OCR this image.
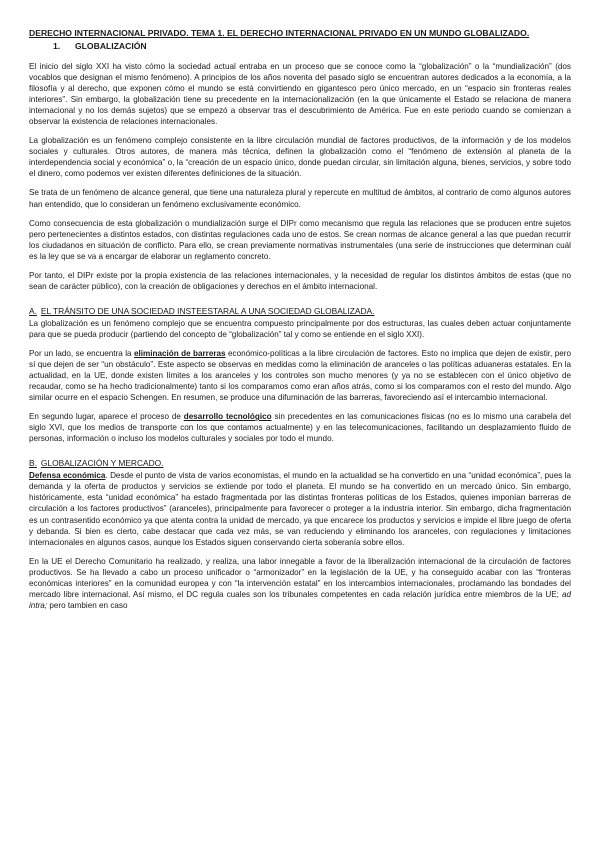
DERECHO INTERNACIONAL PRIVADO. TEMA 1. EL DERECHO INTERNACIONAL PRIVADO EN UN MUNDO GLOBALIZADO.
1. GLOBALIZACIÓN

El inicio del siglo XXI ha visto cómo la sociedad actual entraba en un proceso que se conoce como la “globalización” o la “mundialización” (dos vocablos que designan el mismo fenómeno). A principios de los años noventa del pasado siglo se encuentran autores dedicados a la economía, a la filosofía y al derecho, que exponen cómo el mundo se está convirtiendo en gigantesco pero único mercado, en un “espacio sin fronteras reales interiores”. Sin embargo, la globalización tiene su precedente en la internacionalización (en la que únicamente el Estado se relaciona de manera internacional y no los demás sujetos) que se empezó a observar tras el descubrimiento de América. Fue en este periodo cuando se comienzan a observar la existencia de relaciones internacionales.

La globalización es un fenómeno complejo consistente en la libre circulación mundial de factores productivos, de la información y de los modelos sociales y culturales. Otros autores, de manera más técnica, definen la globalización como el “fenómeno de extensión al planeta de la interdependencia social y económica” o, la “creación de un espacio único, donde puedan circular, sin limitación alguna, bienes, servicios, y sobre todo el dinero, como podemos ver existen diferentes definiciones de la situación.

Se trata de un fenómeno de alcance general, que tiene una naturaleza plural y repercute en multitud de ámbitos, al contrario de como algunos autores han entendido, que lo consideran un fenómeno exclusivamente económico.

Como consecuencia de esta globalización o mundialización surge el DIPr como mecanismo que regula las relaciones que se producen entre sujetos pero pertenecientes a distintos estados, con distintas regulaciones cada uno de estos. Se crean normas de alcance general a las que puedan recurrir los ciudadanos en situación de conflicto. Para ello, se crean previamente normativas instrumentales (una serie de instrucciones que determinan cuál es la ley que se va a encargar de elaborar un reglamento concreto.

Por tanto, el DIPr existe por la propia existencia de las relaciones internacionales, y la necesidad de regular los distintos ámbitos de estas (que no sean de carácter público), con la creación de obligaciones y derechos en el ámbito internacional.

A. EL TRÁNSITO DE UNA SOCIEDAD INSTEESTARAL A UNA SOCIEDAD GLOBALIZADA.

La globalización es un fenómeno complejo que se encuentra compuesto principalmente por dos estructuras, las cuales deben actuar conjuntamente para que se pueda producir (partiendo del concepto de “globalización” tal y como se entiende en el siglo XXI).

Por un lado, se encuentra la eliminación de barreras económico-políticas a la libre circulación de factores. Esto no implica que dejen de existir, pero sí que dejen de ser “un obstáculo”. Este aspecto se observas en medidas como la eliminación de aranceles o las políticas aduaneras estatales. En la actualidad, en la UE, donde existen límites a los aranceles y los controles son mucho menores (y ya no se establecen con el único objetivo de recaudar, como se ha hecho tradicionalmente) tanto si los comparamos como eran años atrás, como si los comparamos con el resto del mundo. Algo similar ocurre en el espacio Schengen. En resumen, se produce una difuminación de las barreras, favoreciendo así el intercambio internacional.

En segundo lugar, aparece el proceso de desarrollo tecnológico sin precedentes en las comunicaciones físicas (no es lo mismo una carabela del siglo XVI, que los medios de transporte con los que contamos actualmente) y en las telecomunicaciones, facilitando un desplazamiento fluido de personas, información o incluso los modelos culturales y sociales por todo el mundo.

B. GLOBALIZACIÓN Y MERCADO.

Defensa económica. Desde el punto de vista de varios economistas, el mundo en la actualidad se ha convertido en una “unidad económica”, pues la demanda y la oferta de productos y servicios se extiende por todo el planeta. El mundo se ha convertido en un mercado único. Sin embargo, históricamente, esta “unidad económica” ha estado fragmentada por las distintas fronteras políticas de los Estados, quienes imponían barreras de circulación a los factores productivos” (aranceles), principalmente para favorecer o proteger a la industria interior. Sin embargo, dicha fragmentación es un contrasentido económico ya que atenta contra la unidad de mercado, ya que encarece los productos y servicios e impide el libre juego de oferta y debanda. Si bien es cierto, cabe destacar que cada vez más, se van reduciendo y eliminando los aranceles, con regulaciones y limitaciones internacionales en algunos casos, aunque los Estados siguen conservando cierta soberanía sobre ellos.

En la UE el Derecho Comunitario ha realizado, y realiza, una labor innegable a favor de la liberalización internacional de la circulación de factores productivos. Se ha llevado a cabo un proceso unificador o “armonizador” en la legislación de la UE, y ha conseguido acabar con las “fronteras económicas interiores” en la comunidad europea y con “la intervención estatal” en los intercambios internacionales, proclamando las bondades del mercado libre internacional. Así mismo, el DC regula cuales son los tribunales competentes en cada relación jurídica entre miembros de la UE; ad intra; pero tambien en caso
